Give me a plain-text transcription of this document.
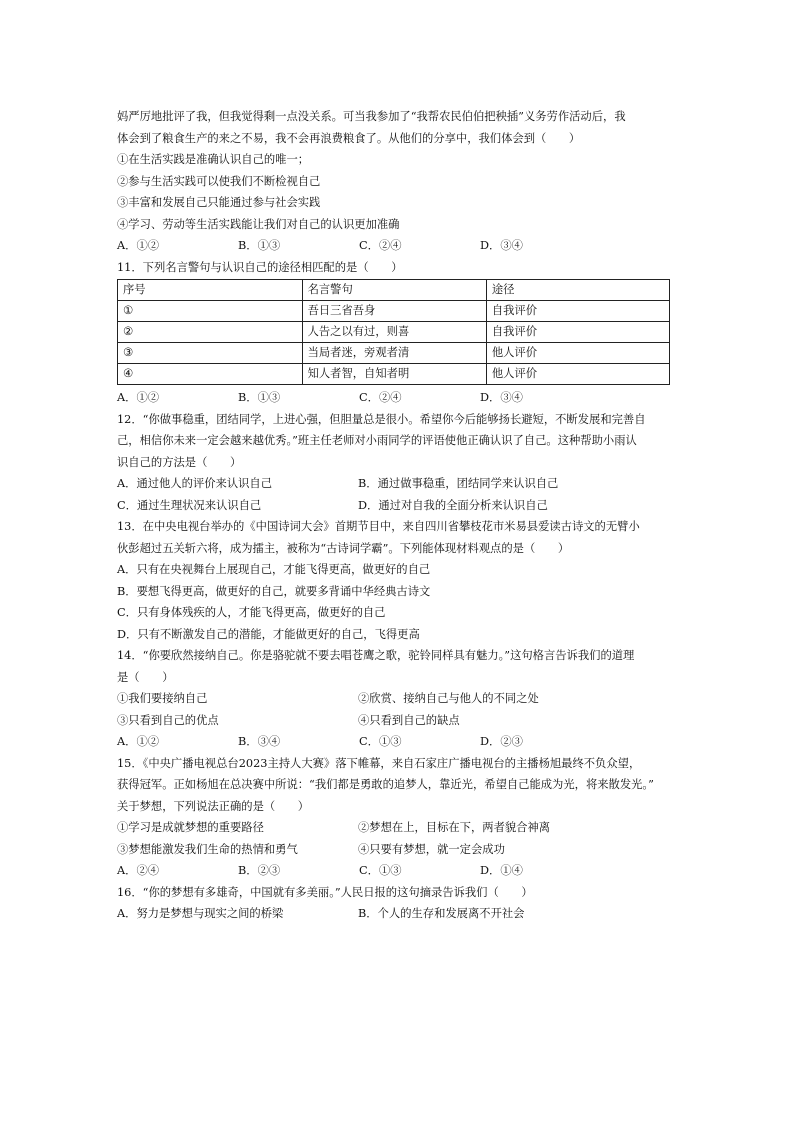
妈严厉地批评了我，但我觉得剩一点没关系。可当我参加了“我帮农民伯伯把秧插”义务劳作活动后，我
体会到了粮食生产的来之不易，我不会再浪费粮食了。从他们的分享中，我们体会到（　　）
①在生活实践是准确认识自己的唯一；
②参与生活实践可以使我们不断检视自己
③丰富和发展自己只能通过参与社会实践
④学习、劳动等生活实践能让我们对自己的认识更加准确
A．①②	B．①③	C．②④	D．③④
11．下列名言警句与认识自己的途径相匹配的是（　　）
序号	名言警句	途径
①	吾日三省吾身	自我评价
②	人告之以有过，则喜	自我评价
③	当局者迷，旁观者清	他人评价
④	知人者智，自知者明	他人评价
A．①②	B．①③	C．②④	D．③④
12．“你做事稳重，团结同学，上进心强，但胆量总是很小。希望你今后能够扬长避短，不断发展和完善自
己，相信你未来一定会越来越优秀。”班主任老师对小雨同学的评语使他正确认识了自己。这种帮助小雨认
识自己的方法是（　　）
A．通过他人的评价来认识自己	B．通过做事稳重，团结同学来认识自己
C．通过生理状况来认识自己	D．通过对自我的全面分析来认识自己
13．在中央电视台举办的《中国诗词大会》首期节目中，来自四川省攀枝花市米易县爱读古诗文的无臂小
伙彭超过五关斩六将，成为擂主，被称为“古诗词学霸”。下列能体现材料观点的是（　　）
A．只有在央视舞台上展现自己，才能飞得更高，做更好的自己
B．要想飞得更高，做更好的自己，就要多背诵中华经典古诗文
C．只有身体残疾的人，才能飞得更高，做更好的自己
D．只有不断激发自己的潜能，才能做更好的自己，飞得更高
14．“你要欣然接纳自己。你是骆驼就不要去唱苍鹰之歌，驼铃同样具有魅力。”这句格言告诉我们的道理
是（　　）
①我们要接纳自己	②欣赏、接纳自己与他人的不同之处
③只看到自己的优点	④只看到自己的缺点
A．①②	B．③④	C．①③	D．②③
15．《中央广播电视总台2023主持人大赛》落下帷幕，来自石家庄广播电视台的主播杨旭最终不负众望，
获得冠军。正如杨旭在总决赛中所说：“我们都是勇敢的追梦人，靠近光，希望自己能成为光，将来散发光。”
关于梦想，下列说法正确的是（　　）
①学习是成就梦想的重要路径	②梦想在上，目标在下，两者貌合神离
③梦想能激发我们生命的热情和勇气	④只要有梦想，就一定会成功
A．②④	B．②③	C．①③	D．①④
16．“你的梦想有多雄奇，中国就有多美丽。”人民日报的这句摘录告诉我们（　　）
A．努力是梦想与现实之间的桥梁	B．个人的生存和发展离不开社会
